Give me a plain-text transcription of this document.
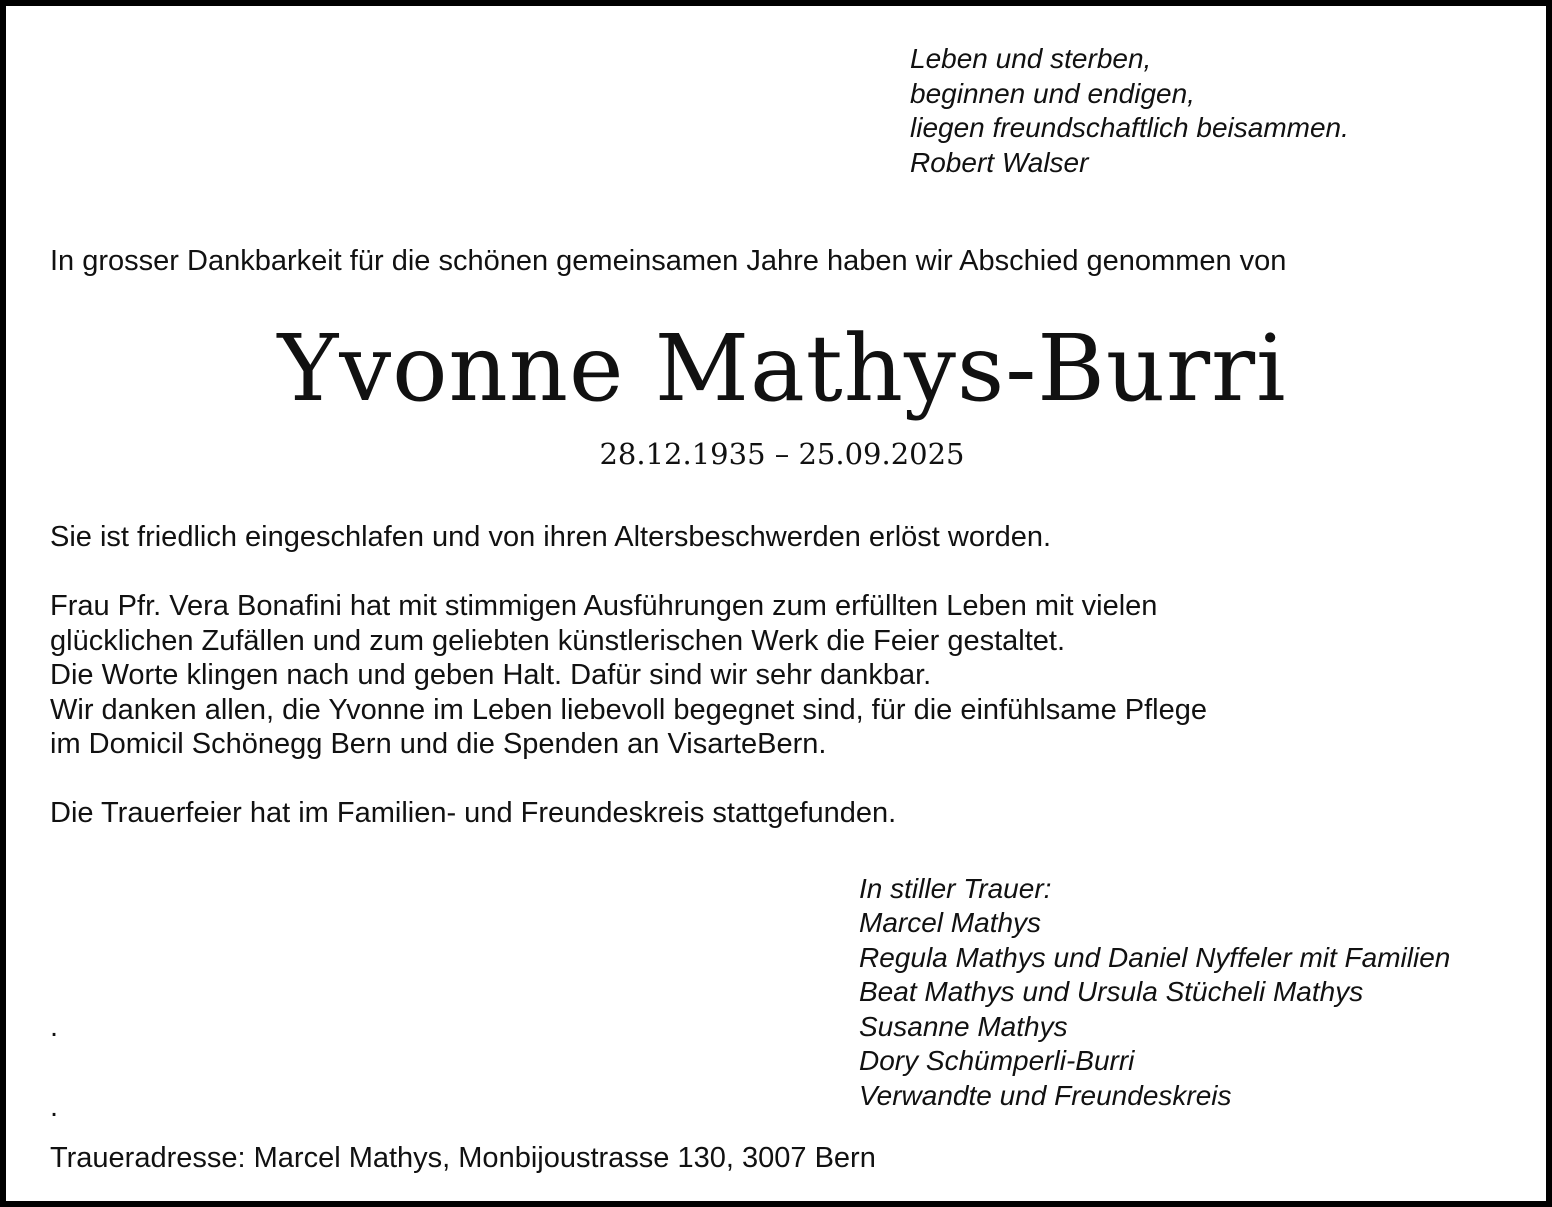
Leben und sterben,

beginnen und endigen,

liegen freundschaftlich beisammen.

Robert Walser

In grosser Dankbarkeit für die schönen gemeinsamen Jahre haben wir Abschied genommen von

Yvonne Mathys-Burri

28.12.1935 – 25.09.2025

Sie ist friedlich eingeschlafen und von ihren Altersbeschwerden erlöst worden.

Frau Pfr. Vera Bonafini hat mit stimmigen Ausführungen zum erfüllten Leben mit vielen

glücklichen Zufällen und zum geliebten künstlerischen Werk die Feier gestaltet.

Die Worte klingen nach und geben Halt. Dafür sind wir sehr dankbar.

Wir danken allen, die Yvonne im Leben liebevoll begegnet sind, für die einfühlsame Pflege

im Domicil Schönegg Bern und die Spenden an VisarteBern.

Die Trauerfeier hat im Familien- und Freundeskreis stattgefunden.

In stiller Trauer:

Marcel Mathys

Regula Mathys und Daniel Nyffeler mit Familien

Beat Mathys und Ursula Stücheli Mathys

Susanne Mathys

Dory Schümperli-Burri

Verwandte und Freundeskreis

.

.

Traueradresse: Marcel Mathys, Monbijoustrasse 130, 3007 Bern
